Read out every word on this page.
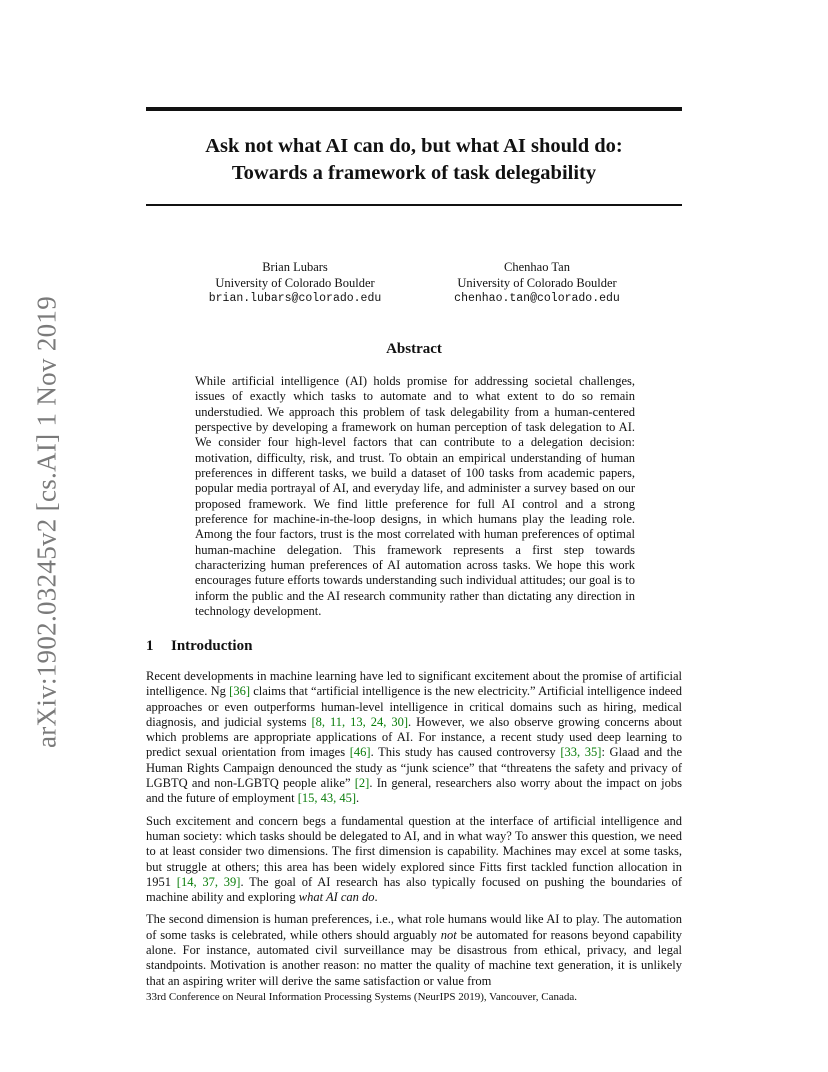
Ask not what AI can do, but what AI should do:
Towards a framework of task delegability
arXiv:1902.03245v2 [cs.AI] 1 Nov 2019
Brian Lubars
University of Colorado Boulder
brian.lubars@colorado.edu
Chenhao Tan
University of Colorado Boulder
chenhao.tan@colorado.edu
Abstract
While artificial intelligence (AI) holds promise for addressing societal challenges, issues of exactly which tasks to automate and to what extent to do so remain understudied. We approach this problem of task delegability from a human-centered perspective by developing a framework on human perception of task delegation to AI. We consider four high-level factors that can contribute to a delegation decision: motivation, difficulty, risk, and trust. To obtain an empirical understanding of human preferences in different tasks, we build a dataset of 100 tasks from academic papers, popular media portrayal of AI, and everyday life, and administer a survey based on our proposed framework. We find little preference for full AI control and a strong preference for machine-in-the-loop designs, in which humans play the leading role. Among the four factors, trust is the most correlated with human preferences of optimal human-machine delegation. This framework represents a first step towards characterizing human preferences of AI automation across tasks. We hope this work encourages future efforts towards understanding such individual attitudes; our goal is to inform the public and the AI research community rather than dictating any direction in technology development.
1 Introduction

Recent developments in machine learning have led to significant excitement about the promise of artificial intelligence. Ng [36] claims that “artificial intelligence is the new electricity.” Artificial intelligence indeed approaches or even outperforms human-level intelligence in critical domains such as hiring, medical diagnosis, and judicial systems [8, 11, 13, 24, 30]. However, we also observe growing concerns about which problems are appropriate applications of AI. For instance, a recent study used deep learning to predict sexual orientation from images [46]. This study has caused controversy [33, 35]: Glaad and the Human Rights Campaign denounced the study as “junk science” that “threatens the safety and privacy of LGBTQ and non-LGBTQ people alike” [2]. In general, researchers also worry about the impact on jobs and the future of employment [15, 43, 45].

Such excitement and concern begs a fundamental question at the interface of artificial intelligence and human society: which tasks should be delegated to AI, and in what way? To answer this question, we need to at least consider two dimensions. The first dimension is capability. Machines may excel at some tasks, but struggle at others; this area has been widely explored since Fitts first tackled function allocation in 1951 [14, 37, 39]. The goal of AI research has also typically focused on pushing the boundaries of machine ability and exploring what AI can do.

The second dimension is human preferences, i.e., what role humans would like AI to play. The automation of some tasks is celebrated, while others should arguably not be automated for reasons beyond capability alone. For instance, automated civil surveillance may be disastrous from ethical, privacy, and legal standpoints. Motivation is another reason: no matter the quality of machine text generation, it is unlikely that an aspiring writer will derive the same satisfaction or value from

33rd Conference on Neural Information Processing Systems (NeurIPS 2019), Vancouver, Canada.
